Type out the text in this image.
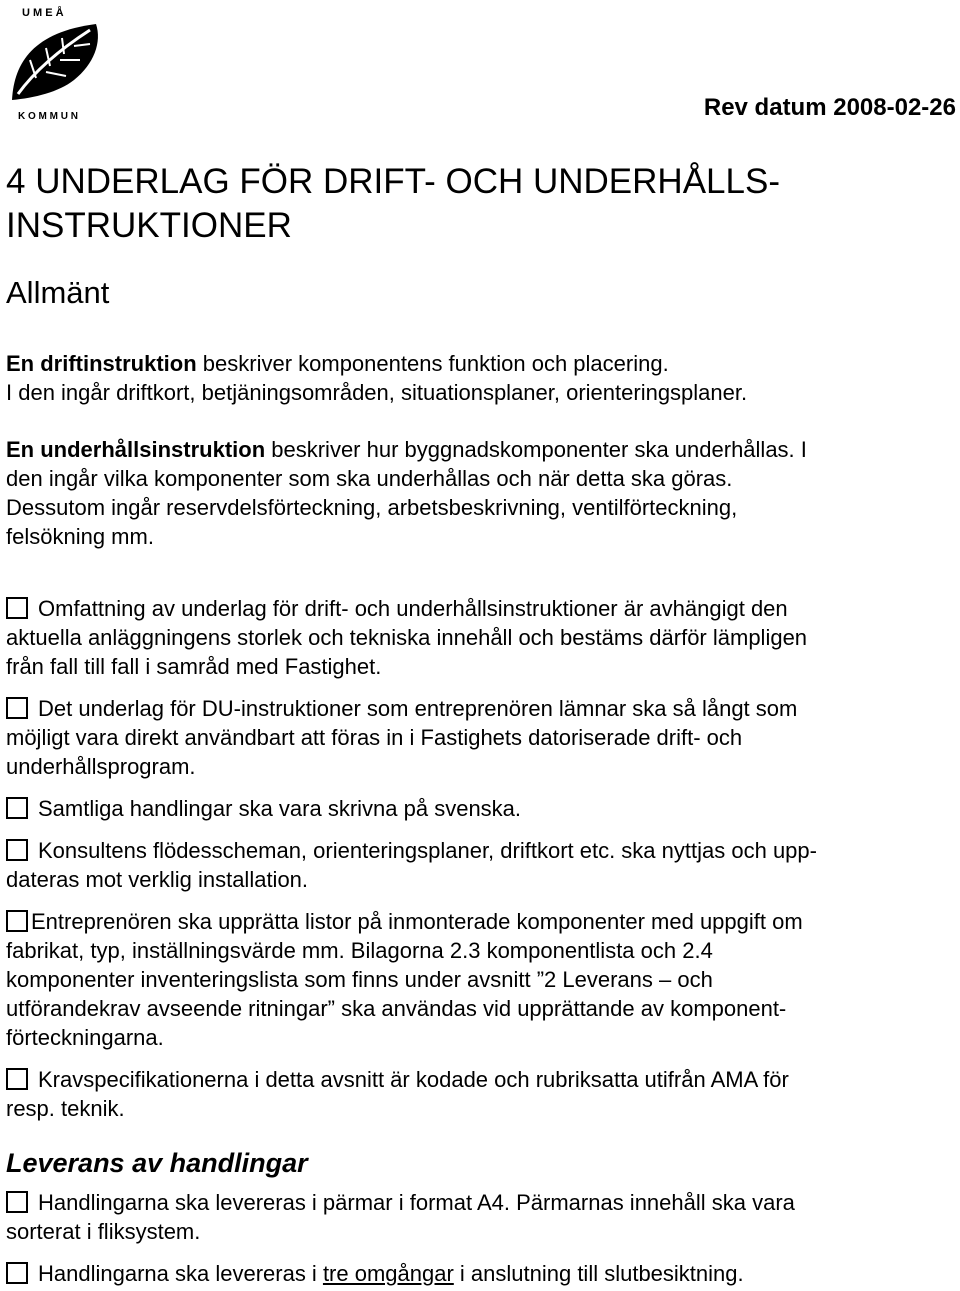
U M E Å
K O M M U N	Rev datum 2008-02-26
4 UNDERLAG FÖR DRIFT- OCH UNDERHÅLLS-
INSTRUKTIONER
Allmänt

En driftinstruktion beskriver komponentens funktion och placering.
I den ingår driftkort, betjäningsområden, situationsplaner, orienteringsplaner.

En underhållsinstruktion beskriver hur byggnadskomponenter ska underhållas. I
den ingår vilka komponenter som ska underhållas och när detta ska göras.
Dessutom ingår reservdelsförteckning, arbetsbeskrivning, ventilförteckning,
felsökning mm.

Omfattning av underlag för drift- och underhållsinstruktioner är avhängigt den
aktuella anläggningens storlek och tekniska innehåll och bestäms därför lämpligen
från fall till fall i samråd med Fastighet.

Det underlag för DU-instruktioner som entreprenören lämnar ska så långt som
möjligt vara direkt användbart att föras in i Fastighets datoriserade drift- och
underhållsprogram.

Samtliga handlingar ska vara skrivna på svenska.

Konsultens flödesscheman, orienteringsplaner, driftkort etc. ska nyttjas och upp-
dateras mot verklig installation.

Entreprenören ska upprätta listor på inmonterade komponenter med uppgift om
fabrikat, typ, inställningsvärde mm. Bilagorna 2.3 komponentlista och 2.4
komponenter inventeringslista som finns under avsnitt ”2 Leverans – och
utförandekrav avseende ritningar” ska användas vid upprättande av komponent-
förteckningarna.

Kravspecifikationerna i detta avsnitt är kodade och rubriksatta utifrån AMA för
resp. teknik.

Leverans av handlingar

Handlingarna ska levereras i pärmar i format A4. Pärmarnas innehåll ska vara
sorterat i fliksystem.

Handlingarna ska levereras i tre omgångar i anslutning till slutbesiktning.
